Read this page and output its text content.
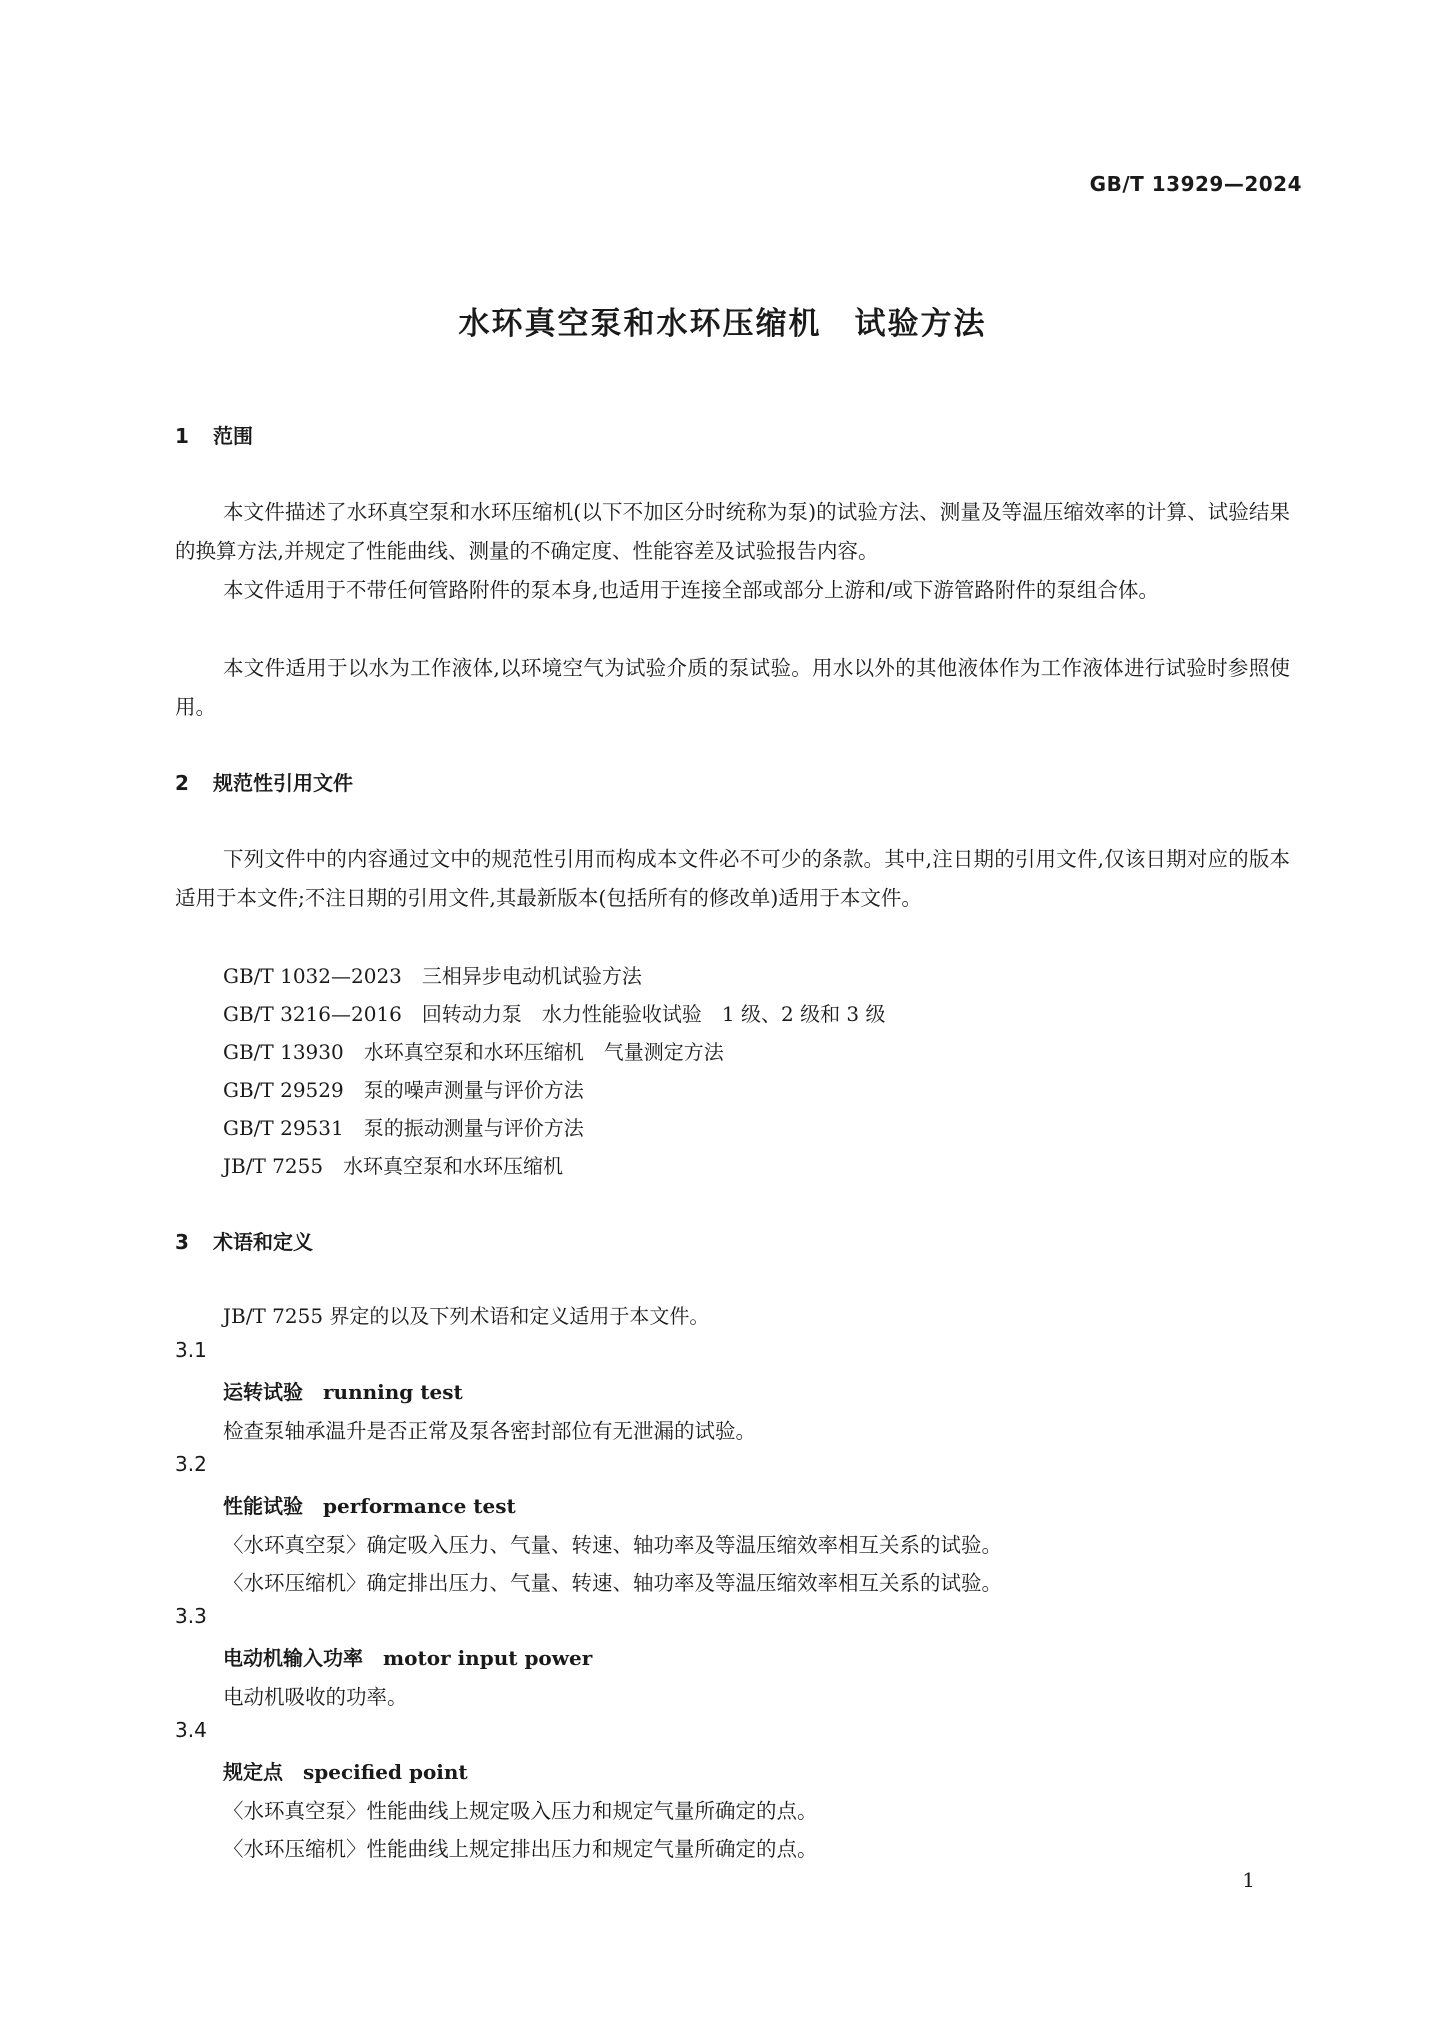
GB/T 13929—2024
水环真空泵和水环压缩机　试验方法
1 范围

本文件描述了水环真空泵和水环压缩机(以下不加区分时统称为泵)的试验方法、测量及等温压缩效率的计算、试验结果的换算方法,并规定了性能曲线、测量的不确定度、性能容差及试验报告内容。

本文件适用于不带任何管路附件的泵本身,也适用于连接全部或部分上游和/或下游管路附件的泵组合体。

本文件适用于以水为工作液体,以环境空气为试验介质的泵试验。用水以外的其他液体作为工作液体进行试验时参照使用。

2 规范性引用文件

下列文件中的内容通过文中的规范性引用而构成本文件必不可少的条款。其中,注日期的引用文件,仅该日期对应的版本适用于本文件;不注日期的引用文件,其最新版本(包括所有的修改单)适用于本文件。

GB/T 1032—2023　 三相异步电动机试验方法
GB/T 3216—2016　 回转动力泵　水力性能验收试验　1 级、2 级和 3 级
GB/T 13930　 水环真空泵和水环压缩机　气量测定方法
GB/T 29529　 泵的噪声测量与评价方法
GB/T 29531　 泵的振动测量与评价方法
JB/T 7255　 水环真空泵和水环压缩机
3 术语和定义
JB/T 7255 界定的以及下列术语和定义适用于本文件。
3.1
运转试验　 running test
检查泵轴承温升是否正常及泵各密封部位有无泄漏的试验。
3.2
性能试验　 performance test
〈水环真空泵〉确定吸入压力、气量、转速、轴功率及等温压缩效率相互关系的试验。
〈水环压缩机〉确定排出压力、气量、转速、轴功率及等温压缩效率相互关系的试验。
3.3
电动机输入功率　 motor input power
电动机吸收的功率。
3.4
规定点　 specified point
〈水环真空泵〉性能曲线上规定吸入压力和规定气量所确定的点。
〈水环压缩机〉性能曲线上规定排出压力和规定气量所确定的点。
1
